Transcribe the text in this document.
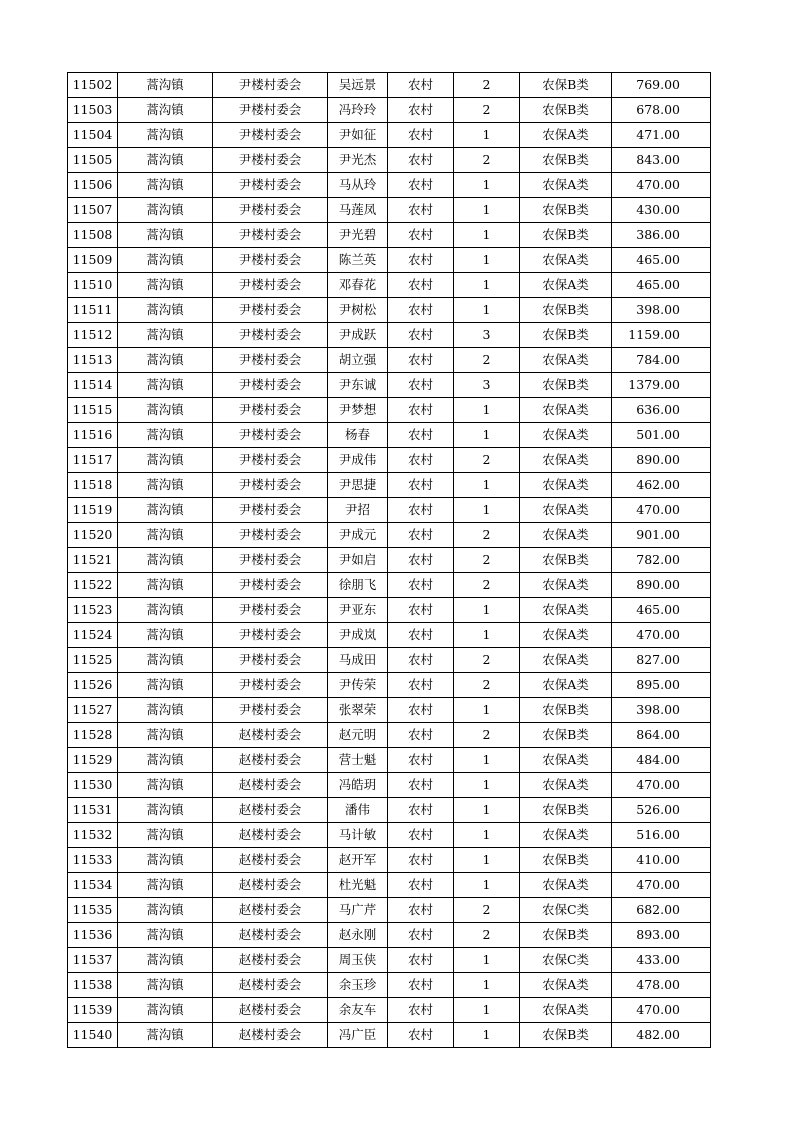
11502	蒿沟镇	尹楼村委会	吴远景	农村	2	农保B类	769.00
11503	蒿沟镇	尹楼村委会	冯玲玲	农村	2	农保B类	678.00
11504	蒿沟镇	尹楼村委会	尹如征	农村	1	农保A类	471.00
11505	蒿沟镇	尹楼村委会	尹光杰	农村	2	农保B类	843.00
11506	蒿沟镇	尹楼村委会	马从玲	农村	1	农保A类	470.00
11507	蒿沟镇	尹楼村委会	马莲凤	农村	1	农保B类	430.00
11508	蒿沟镇	尹楼村委会	尹光碧	农村	1	农保B类	386.00
11509	蒿沟镇	尹楼村委会	陈兰英	农村	1	农保A类	465.00
11510	蒿沟镇	尹楼村委会	邓春花	农村	1	农保A类	465.00
11511	蒿沟镇	尹楼村委会	尹树松	农村	1	农保B类	398.00
11512	蒿沟镇	尹楼村委会	尹成跃	农村	3	农保B类	1159.00
11513	蒿沟镇	尹楼村委会	胡立强	农村	2	农保A类	784.00
11514	蒿沟镇	尹楼村委会	尹东诚	农村	3	农保B类	1379.00
11515	蒿沟镇	尹楼村委会	尹梦想	农村	1	农保A类	636.00
11516	蒿沟镇	尹楼村委会	杨春	农村	1	农保A类	501.00
11517	蒿沟镇	尹楼村委会	尹成伟	农村	2	农保A类	890.00
11518	蒿沟镇	尹楼村委会	尹思捷	农村	1	农保A类	462.00
11519	蒿沟镇	尹楼村委会	尹招	农村	1	农保A类	470.00
11520	蒿沟镇	尹楼村委会	尹成元	农村	2	农保A类	901.00
11521	蒿沟镇	尹楼村委会	尹如启	农村	2	农保B类	782.00
11522	蒿沟镇	尹楼村委会	徐朋飞	农村	2	农保A类	890.00
11523	蒿沟镇	尹楼村委会	尹亚东	农村	1	农保A类	465.00
11524	蒿沟镇	尹楼村委会	尹成岚	农村	1	农保A类	470.00
11525	蒿沟镇	尹楼村委会	马成田	农村	2	农保A类	827.00
11526	蒿沟镇	尹楼村委会	尹传荣	农村	2	农保A类	895.00
11527	蒿沟镇	尹楼村委会	张翠荣	农村	1	农保B类	398.00
11528	蒿沟镇	赵楼村委会	赵元明	农村	2	农保B类	864.00
11529	蒿沟镇	赵楼村委会	营士魁	农村	1	农保A类	484.00
11530	蒿沟镇	赵楼村委会	冯皓玥	农村	1	农保A类	470.00
11531	蒿沟镇	赵楼村委会	潘伟	农村	1	农保B类	526.00
11532	蒿沟镇	赵楼村委会	马计敏	农村	1	农保A类	516.00
11533	蒿沟镇	赵楼村委会	赵开军	农村	1	农保B类	410.00
11534	蒿沟镇	赵楼村委会	杜光魁	农村	1	农保A类	470.00
11535	蒿沟镇	赵楼村委会	马广芹	农村	2	农保C类	682.00
11536	蒿沟镇	赵楼村委会	赵永刚	农村	2	农保B类	893.00
11537	蒿沟镇	赵楼村委会	周玉侠	农村	1	农保C类	433.00
11538	蒿沟镇	赵楼村委会	余玉珍	农村	1	农保A类	478.00
11539	蒿沟镇	赵楼村委会	余友车	农村	1	农保A类	470.00
11540	蒿沟镇	赵楼村委会	冯广臣	农村	1	农保B类	482.00
